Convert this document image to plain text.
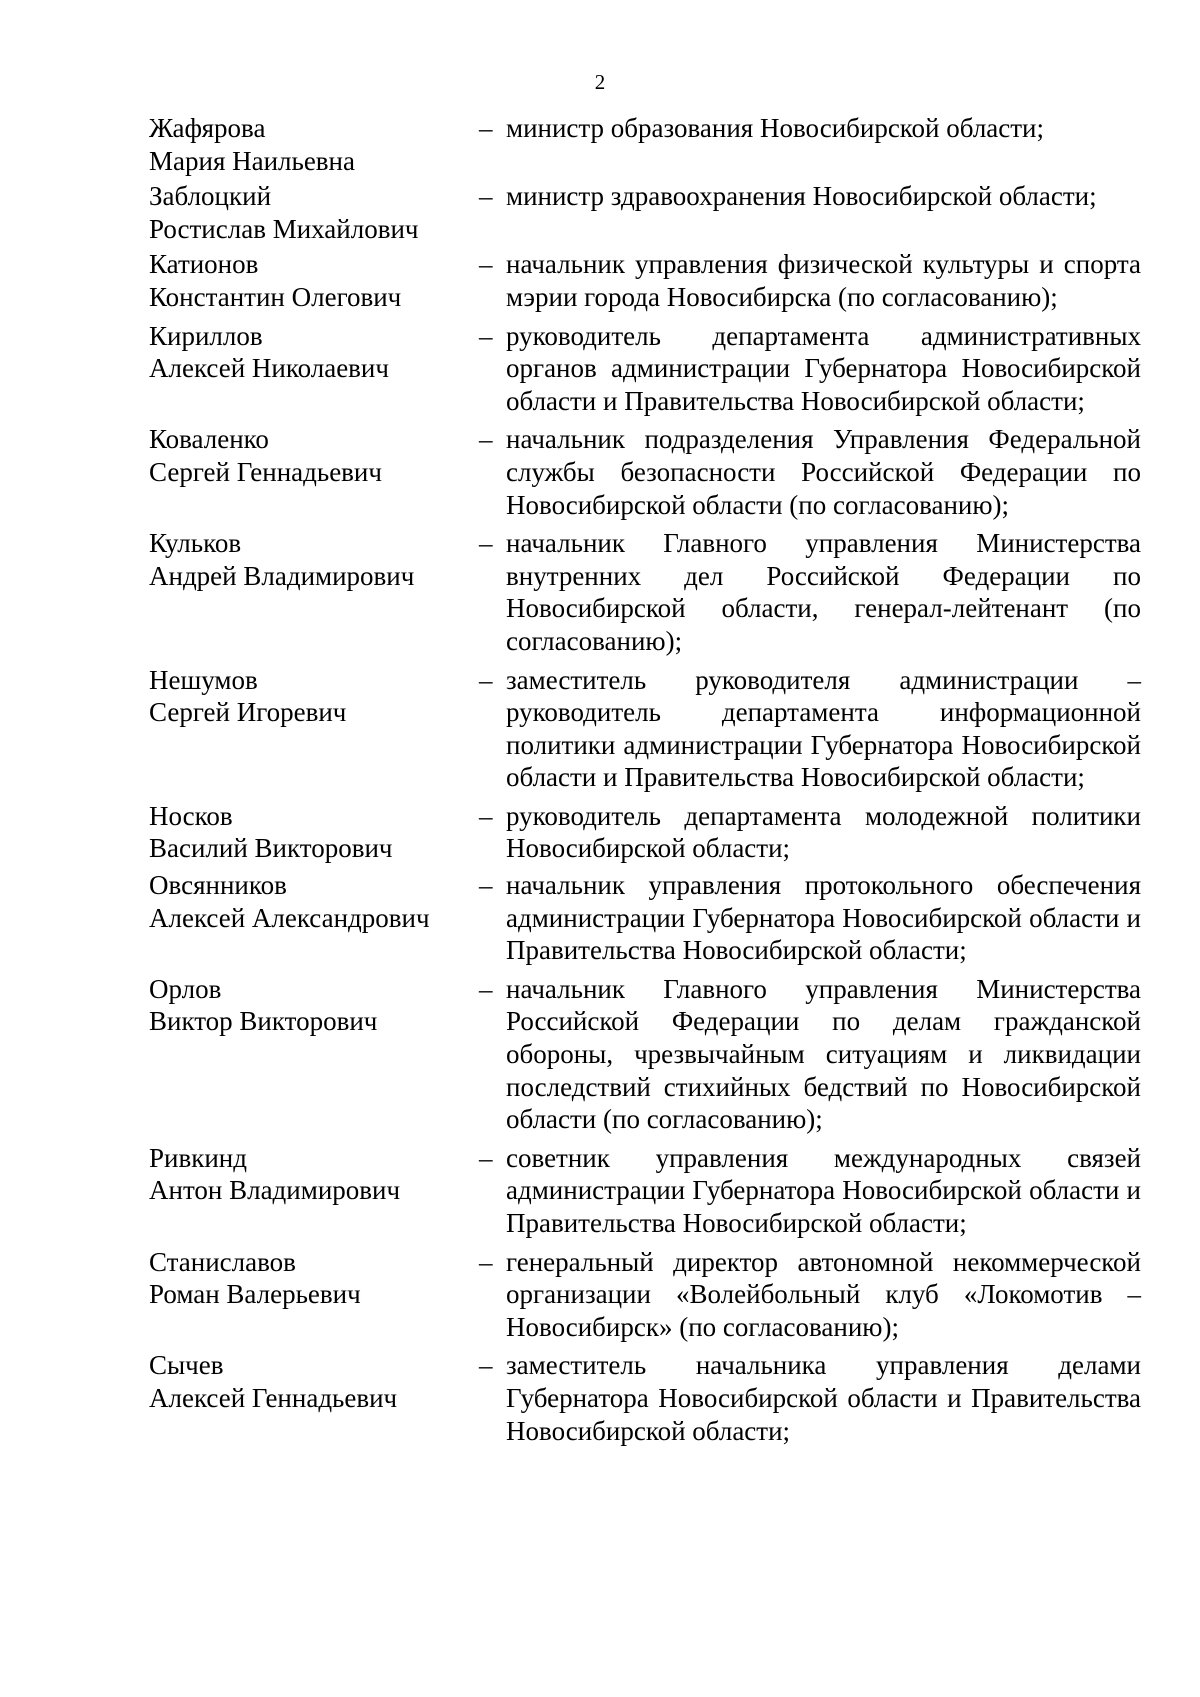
2
Жафярова
Мария Наильевна
– министр образования Новосибирской области;
Заблоцкий
Ростислав Михайлович
– министр здравоохранения Новосибирской области;
Катионов
Константин Олегович
– начальник управления физической культуры и спорта мэрии города Новосибирска (по согласованию);
Кириллов
Алексей Николаевич
– руководитель департамента административных органов администрации Губернатора Новосибирской области и Правительства Новосибирской области;
Коваленко
Сергей Геннадьевич
– начальник подразделения Управления Федеральной службы безопасности Российской Федерации по Новосибирской области (по согласованию);
Кульков
Андрей Владимирович
– начальник Главного управления Министерства внутренних дел Российской Федерации по Новосибирской области, генерал-лейтенант (по согласованию);
Нешумов
Сергей Игоревич
– заместитель руководителя администрации – руководитель департамента информационной политики администрации Губернатора Новосибирской области и Правительства Новосибирской области;
Носков
Василий Викторович
– руководитель департамента молодежной политики Новосибирской области;
Овсянников
Алексей Александрович
– начальник управления протокольного обеспечения администрации Губернатора Новосибирской области и Правительства Новосибирской области;
Орлов
Виктор Викторович
– начальник Главного управления Министерства Российской Федерации по делам гражданской обороны, чрезвычайным ситуациям и ликвидации последствий стихийных бедствий по Новосибирской области (по согласованию);
Ривкинд
Антон Владимирович
– советник управления международных связей администрации Губернатора Новосибирской области и Правительства Новосибирской области;
Станиславов
Роман Валерьевич
– генеральный директор автономной некоммерческой организации «Волейбольный клуб «Локомотив – Новосибирск» (по согласованию);
Сычев
Алексей Геннадьевич
– заместитель начальника управления делами Губернатора Новосибирской области и Правительства Новосибирской области;
